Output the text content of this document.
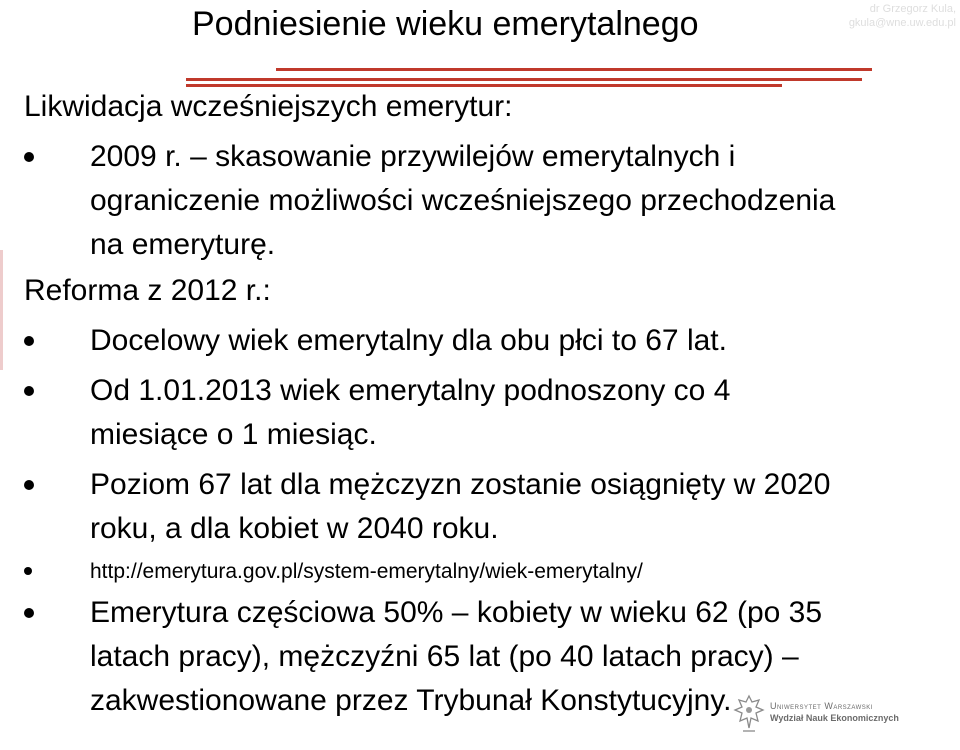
Podniesienie wieku emerytalnego	dr Grzegorz Kula,
gkula@wne.uw.edu.pl
Likwidacja wcześniejszych emerytur:
2009 r. – skasowanie przywilejów emerytalnych i
ograniczenie możliwości wcześniejszego przechodzenia
na emeryturę.
Reforma z 2012 r.:
Docelowy wiek emerytalny dla obu płci to 67 lat.
Od 1.01.2013 wiek emerytalny podnoszony co 4
miesiące o 1 miesiąc.
Poziom 67 lat dla mężczyzn zostanie osiągnięty w 2020
roku, a dla kobiet w 2040 roku.
http://emerytura.gov.pl/system-emerytalny/wiek-emerytalny/
Emerytura częściowa 50% – kobiety w wieku 62 (po 35
latach pracy), mężczyźni 65 lat (po 40 latach pracy) –
zakwestionowane przez Trybunał Konstytucyjny.	Uniwersytet Warszawski
Wydział Nauk Ekonomicznych
